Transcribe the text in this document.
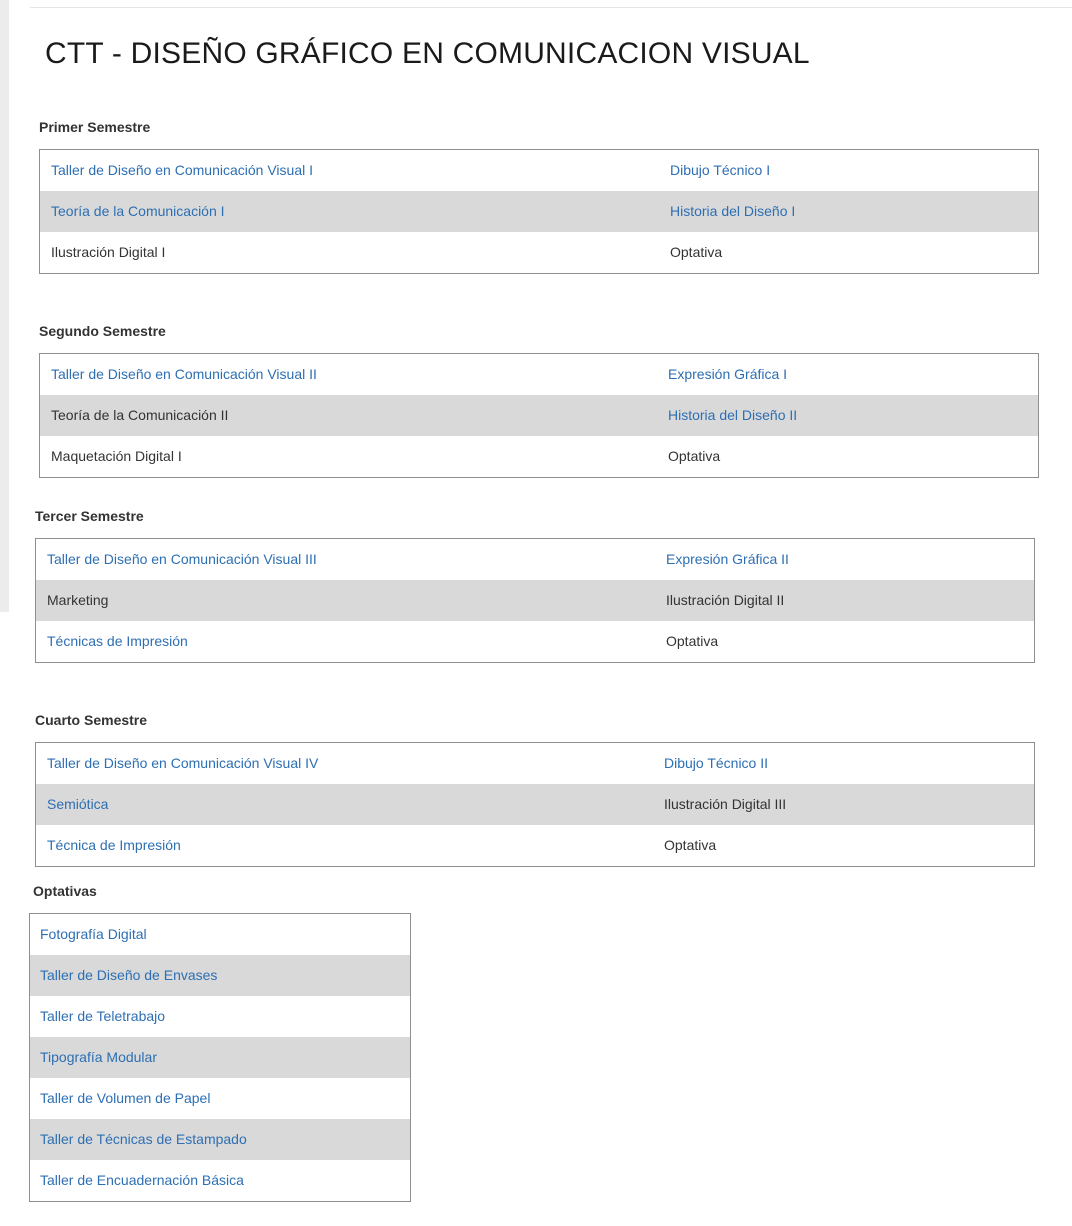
CTT - DISEÑO GRÁFICO EN COMUNICACION VISUAL
Primer Semestre
Taller de Diseño en Comunicación Visual I	Dibujo Técnico I
Teoría de la Comunicación I	Historia del Diseño I
Ilustración Digital I	Optativa
Segundo Semestre
Taller de Diseño en Comunicación Visual II	Expresión Gráfica I
Teoría de la Comunicación II	Historia del Diseño II
Maquetación Digital I	Optativa
Tercer Semestre
Taller de Diseño en Comunicación Visual III	Expresión Gráfica II
Marketing	Ilustración Digital II
Técnicas de Impresión	Optativa
Cuarto Semestre
Taller de Diseño en Comunicación Visual IV	Dibujo Técnico II
Semiótica	Ilustración Digital III
Técnica de Impresión	Optativa
Optativas
Fotografía Digital
Taller de Diseño de Envases
Taller de Teletrabajo
Tipografía Modular
Taller de Volumen de Papel
Taller de Técnicas de Estampado
Taller de Encuadernación Básica
